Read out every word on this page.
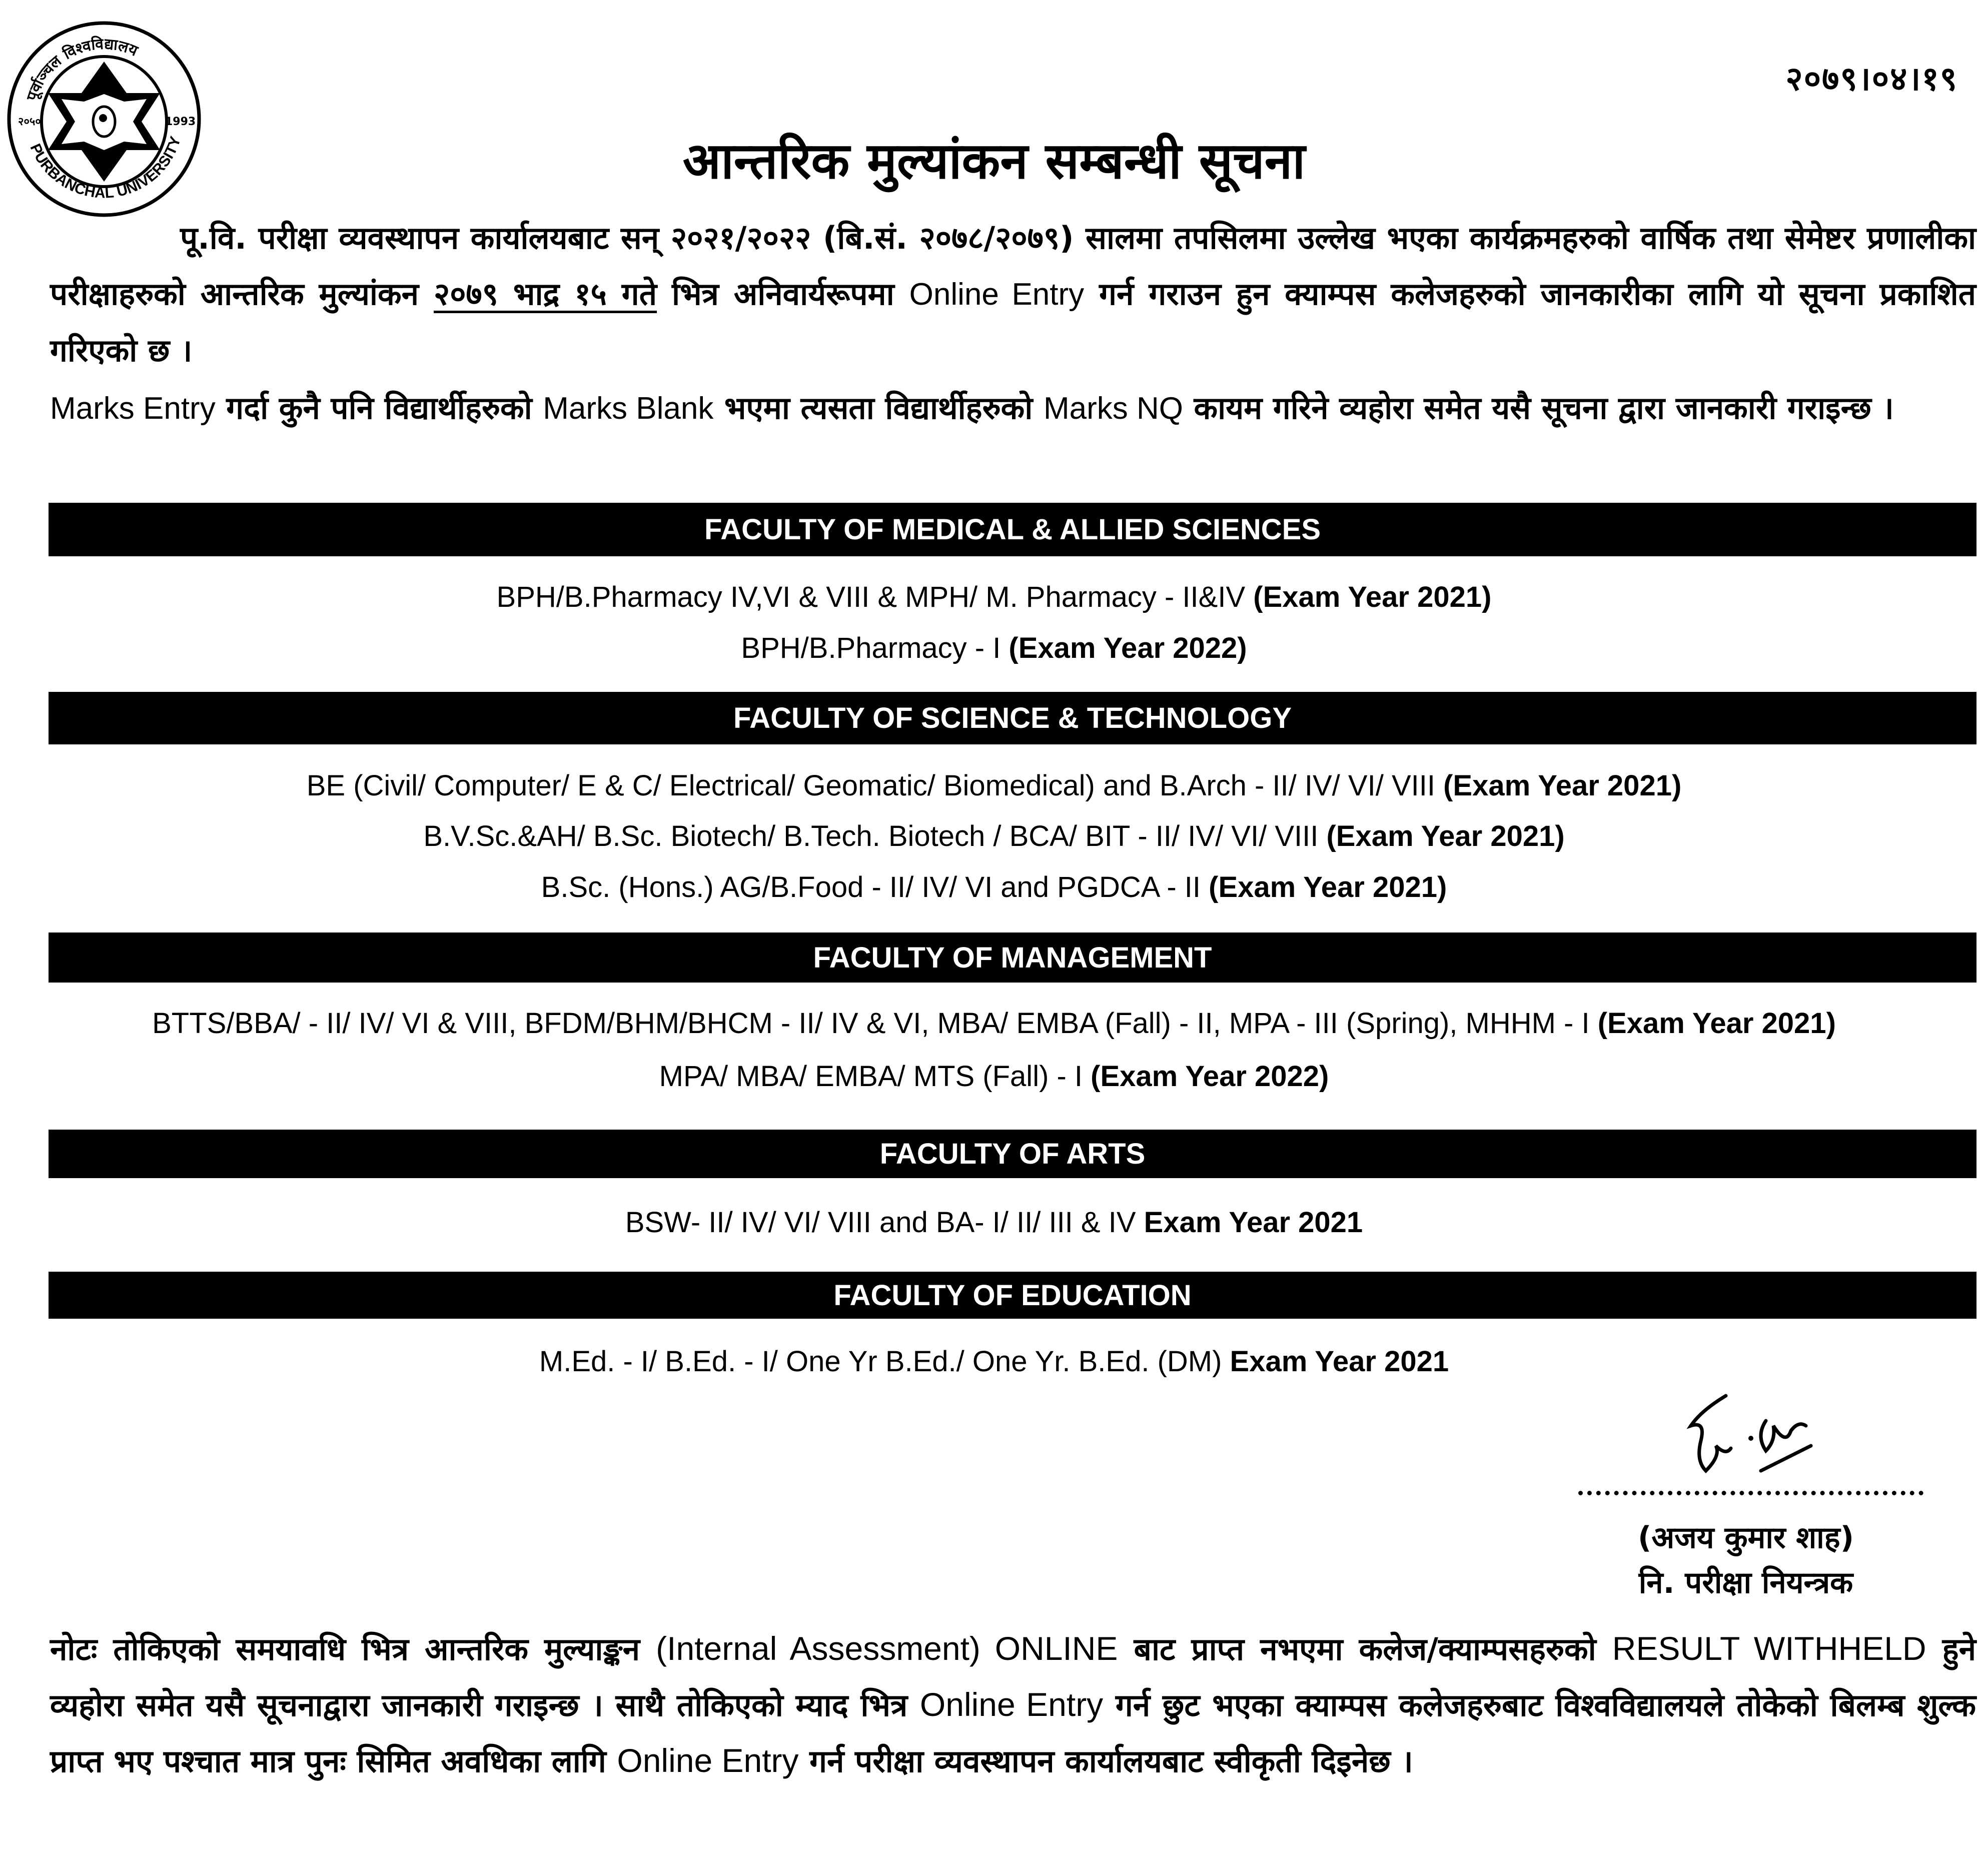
२०५०	1993
पूर्वाञ्चल विश्वविद्यालय
PURBANCHAL UNIVERSITY
२०७९।०४।१९
आन्तरिक मुल्यांकन सम्बन्धी सूचना
पू.वि. परीक्षा व्यवस्थापन कार्यालयबाट सन् २०२१/२०२२ (बि.सं. २०७८/२०७९) सालमा तपसिलमा उल्लेख भएका कार्यक्रमहरुको वार्षिक तथा सेमेष्टर प्रणालीका परीक्षाहरुको आन्तरिक मुल्यांकन २०७९ भाद्र १५ गते भित्र अनिवार्यरूपमा Online Entry गर्न गराउन हुन क्याम्पस कलेजहरुको जानकारीका लागि यो सूचना प्रकाशित गरिएको छ ।
Marks Entry गर्दा कुनै पनि विद्यार्थीहरुको Marks Blank भएमा त्यसता विद्यार्थीहरुको Marks NQ कायम गरिने व्यहोरा समेत यसै सूचना द्वारा जानकारी गराइन्छ ।
FACULTY OF MEDICAL & ALLIED SCIENCES
BPH/B.Pharmacy IV,VI & VIII & MPH/ M. Pharmacy - II&IV (Exam Year 2021)
BPH/B.Pharmacy - I (Exam Year 2022)
FACULTY OF SCIENCE & TECHNOLOGY
BE (Civil/ Computer/ E & C/ Electrical/ Geomatic/ Biomedical) and B.Arch - II/ IV/ VI/ VIII (Exam Year 2021)
B.V.Sc.&AH/ B.Sc. Biotech/ B.Tech. Biotech / BCA/ BIT - II/ IV/ VI/ VIII (Exam Year 2021)
B.Sc. (Hons.) AG/B.Food - II/ IV/ VI and PGDCA - II (Exam Year 2021)
FACULTY OF MANAGEMENT
BTTS/BBA/ - II/ IV/ VI & VIII, BFDM/BHM/BHCM - II/ IV & VI, MBA/ EMBA (Fall) - II, MPA - III (Spring), MHHM - I (Exam Year 2021)
MPA/ MBA/ EMBA/ MTS (Fall) - I (Exam Year 2022)
FACULTY OF ARTS
BSW- II/ IV/ VI/ VIII and BA- I/ II/ III & IV Exam Year 2021
FACULTY OF EDUCATION
M.Ed. - I/ B.Ed. - I/ One Yr B.Ed./ One Yr. B.Ed. (DM) Exam Year 2021
(अजय कुमार शाह)
नि. परीक्षा नियन्त्रक
नोटः तोकिएको समयावधि भित्र आन्तरिक मुल्याङ्कन (Internal Assessment) ONLINE बाट प्राप्त नभएमा कलेज/क्याम्पसहरुको RESULT WITHHELD हुने व्यहोरा समेत यसै सूचनाद्वारा जानकारी गराइन्छ । साथै तोकिएको म्याद भित्र Online Entry गर्न छुट भएका क्याम्पस कलेजहरुबाट विश्वविद्यालयले तोकेको बिलम्ब शुल्क प्राप्त भए पश्चात मात्र पुनः सिमित अवधिका लागि Online Entry गर्न परीक्षा व्यवस्थापन कार्यालयबाट स्वीकृती दिइनेछ ।
